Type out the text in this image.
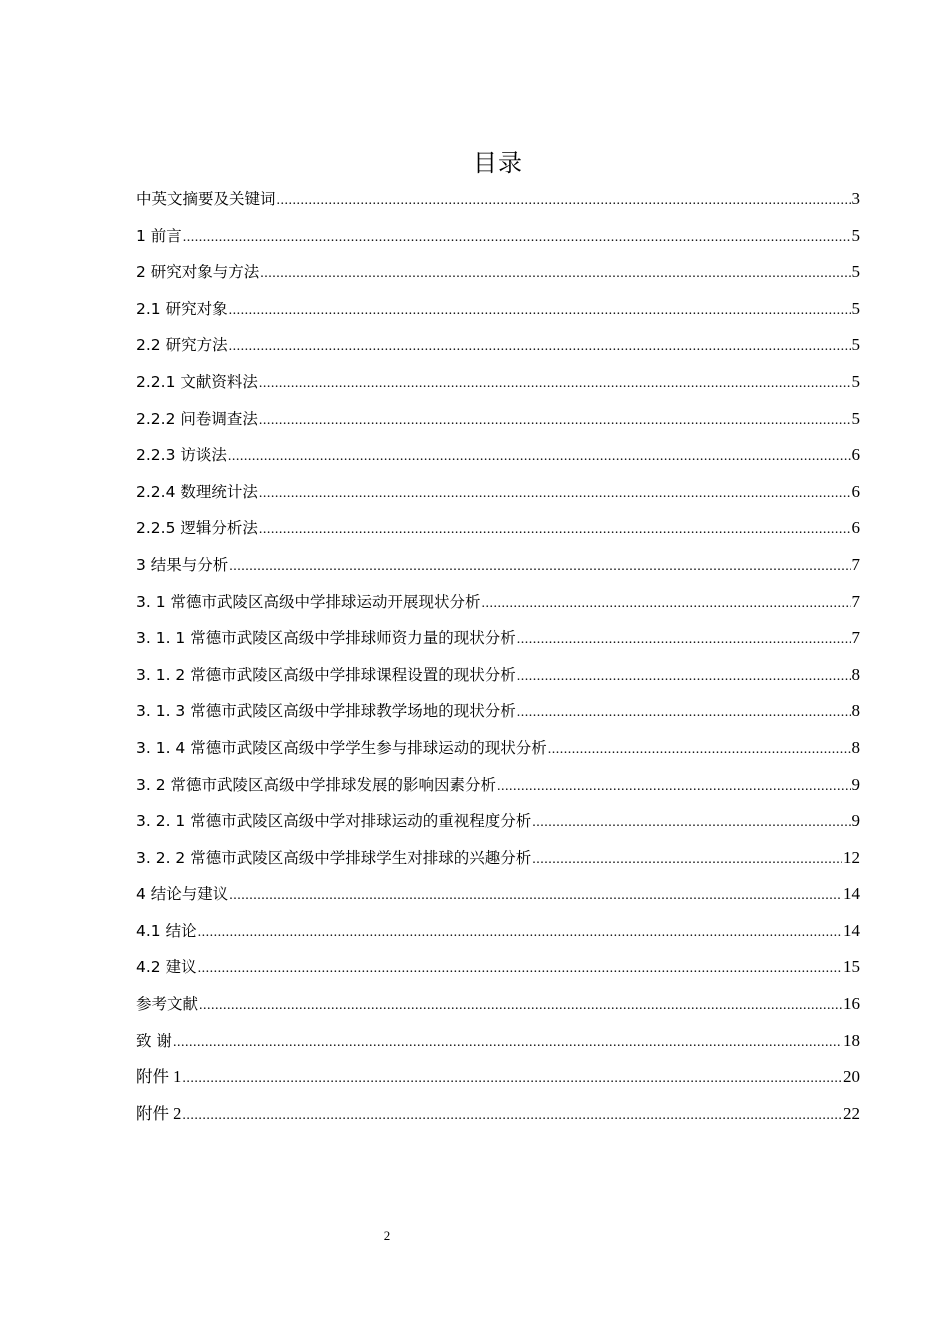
目录
中英文摘要及关键词 .....	3
1 前言 .....	5
2 研究对象与方法 .....	5
2.1 研究对象 .....	5
2.2 研究方法 .....	5
2.2.1 文献资料法 .....	5
2.2.2 问卷调查法 .....	5
2.2.3 访谈法 .....	6
2.2.4 数理统计法 .....	6
2.2.5 逻辑分析法 .....	6
3 结果与分析 .....	7
3. 1 常德市武陵区高级中学排球运动开展现状分析 .....	7
3. 1. 1 常德市武陵区高级中学排球师资力量的现状分析 .....	7
3. 1. 2 常德市武陵区高级中学排球课程设置的现状分析 .....	8
3. 1. 3 常德市武陵区高级中学排球教学场地的现状分析 .....	8
3. 1. 4 常德市武陵区高级中学学生参与排球运动的现状分析 .....	8
3. 2 常德市武陵区高级中学排球发展的影响因素分析 .....	9
3. 2. 1 常德市武陵区高级中学对排球运动的重视程度分析 .....	9
3. 2. 2 常德市武陵区高级中学排球学生对排球的兴趣分析 .....	12
4 结论与建议 .....	14
4.1 结论 .....	14
4.2 建议 .....	15
参考文献 .....	16
致 谢 .....	18
附件 1 .....	20
附件 2 .....	22
2
